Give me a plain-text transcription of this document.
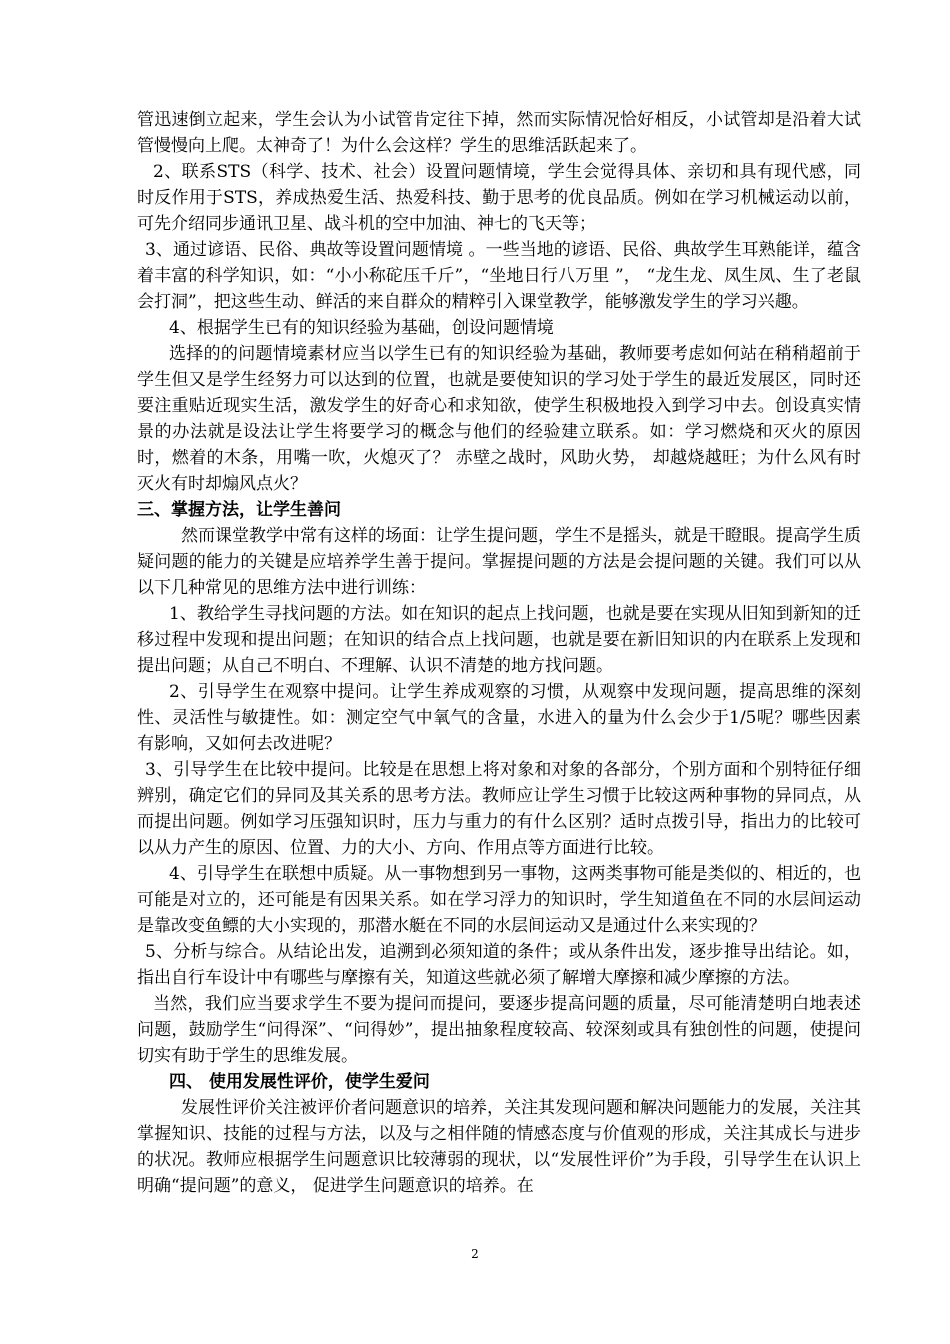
管迅速倒立起来，学生会认为小试管肯定往下掉，然而实际情况恰好相反，小试管却是沿着大试管慢慢向上爬。太神奇了！为什么会这样？学生的思维活跃起来了。

2、联系STS（科学、技术、社会）设置问题情境，学生会觉得具体、亲切和具有现代感，同时反作用于STS，养成热爱生活、热爱科技、勤于思考的优良品质。例如在学习机械运动以前，可先介绍同步通讯卫星、战斗机的空中加油、神七的飞天等；

3、通过谚语、民俗、典故等设置问题情境 。一些当地的谚语、民俗、典故学生耳熟能详，蕴含着丰富的科学知识，如：“小小称砣压千斤”，“坐地日行八万里 ”， “龙生龙、凤生凤、生了老鼠会打洞”，把这些生动、鲜活的来自群众的精粹引入课堂教学，能够激发学生的学习兴趣。

4、根据学生已有的知识经验为基础，创设问题情境

选择的的问题情境素材应当以学生已有的知识经验为基础，教师要考虑如何站在稍稍超前于学生但又是学生经努力可以达到的位置，也就是要使知识的学习处于学生的最近发展区，同时还要注重贴近现实生活，激发学生的好奇心和求知欲，使学生积极地投入到学习中去。创设真实情景的办法就是设法让学生将要学习的概念与他们的经验建立联系。如：学习燃烧和灭火的原因时，燃着的木条，用嘴一吹，火熄灭了？ 赤壁之战时，风助火势， 却越烧越旺；为什么风有时灭火有时却煽风点火？

三、掌握方法，让学生善问

然而课堂教学中常有这样的场面：让学生提问题，学生不是摇头，就是干瞪眼。提高学生质疑问题的能力的关键是应培养学生善于提问。掌握提问题的方法是会提问题的关键。我们可以从以下几种常见的思维方法中进行训练：

1、教给学生寻找问题的方法。如在知识的起点上找问题，也就是要在实现从旧知到新知的迁移过程中发现和提出问题；在知识的结合点上找问题，也就是要在新旧知识的内在联系上发现和提出问题；从自己不明白、不理解、认识不清楚的地方找问题。

2、引导学生在观察中提问。让学生养成观察的习惯，从观察中发现问题，提高思维的深刻性、灵活性与敏捷性。如：测定空气中氧气的含量，水进入的量为什么会少于1/5呢？哪些因素有影响，又如何去改进呢？

3、引导学生在比较中提问。比较是在思想上将对象和对象的各部分，个别方面和个别特征仔细辨别，确定它们的异同及其关系的思考方法。教师应让学生习惯于比较这两种事物的异同点，从而提出问题。例如学习压强知识时，压力与重力的有什么区别？适时点拨引导，指出力的比较可以从力产生的原因、位置、力的大小、方向、作用点等方面进行比较。

4、引导学生在联想中质疑。从一事物想到另一事物，这两类事物可能是类似的、相近的，也可能是对立的，还可能是有因果关系。如在学习浮力的知识时，学生知道鱼在不同的水层间运动是靠改变鱼鳔的大小实现的，那潜水艇在不同的水层间运动又是通过什么来实现的？

5、分析与综合。从结论出发，追溯到必须知道的条件；或从条件出发，逐步推导出结论。如，指出自行车设计中有哪些与摩擦有关，知道这些就必须了解增大摩擦和减少摩擦的方法。

当然，我们应当要求学生不要为提问而提问，要逐步提高问题的质量，尽可能清楚明白地表述问题，鼓励学生“问得深”、“问得妙”，提出抽象程度较高、较深刻或具有独创性的问题，使提问切实有助于学生的思维发展。

四、 使用发展性评价，使学生爱问

发展性评价关注被评价者问题意识的培养，关注其发现问题和解决问题能力的发展，关注其掌握知识、技能的过程与方法，以及与之相伴随的情感态度与价值观的形成，关注其成长与进步的状况。教师应根据学生问题意识比较薄弱的现状，以“发展性评价”为手段，引导学生在认识上明确“提问题”的意义， 促进学生问题意识的培养。在

2
